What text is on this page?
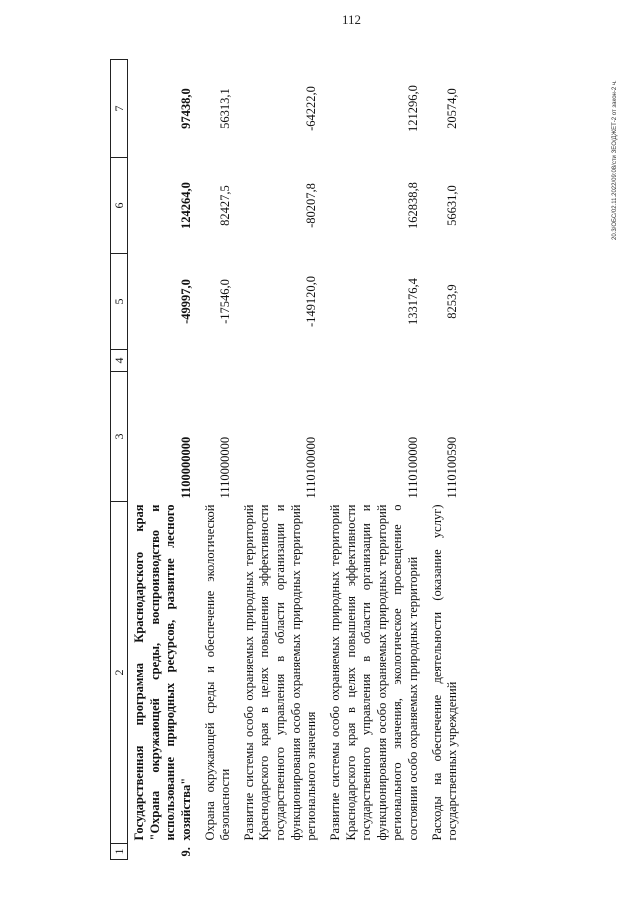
112
20.3/ОБС/02.11.2022/09:08/сти ЗЕО/ДЖЕТ-2 от закон-2 ч.
1	2	3	4	5	6	7
9.	Государственная программа Краснодарского края "Охрана окружающей среды, воспроизводство и использование природных ресурсов, развитие лесного хозяйства"	1100000000		-49997,0	124264,0	97438,0
	Охрана окружающей среды и обеспечение экологической безопасности	1110000000		-17546,0	82427,5	56313,1
	Развитие системы особо охраняемых природных территорий Краснодарского края в целях повышения эффективности государственного управления в области организации и функционирования особо охраняемых природных территорий регионального значения	1110100000		-149120,0	-80207,8	-64222,0
	Развитие системы особо охраняемых природных территорий Краснодарского края в целях повышения эффективности государственного управления в области организации и функционирования особо охраняемых природных территорий регионального значения, экологическое просвещение о состоянии особо охраняемых природных территорий	1110100000		133176,4	162838,8	121296,0
	Расходы на обеспечение деятельности (оказание услуг) государственных учреждений	1110100590		8253,9	56631,0	20574,0
